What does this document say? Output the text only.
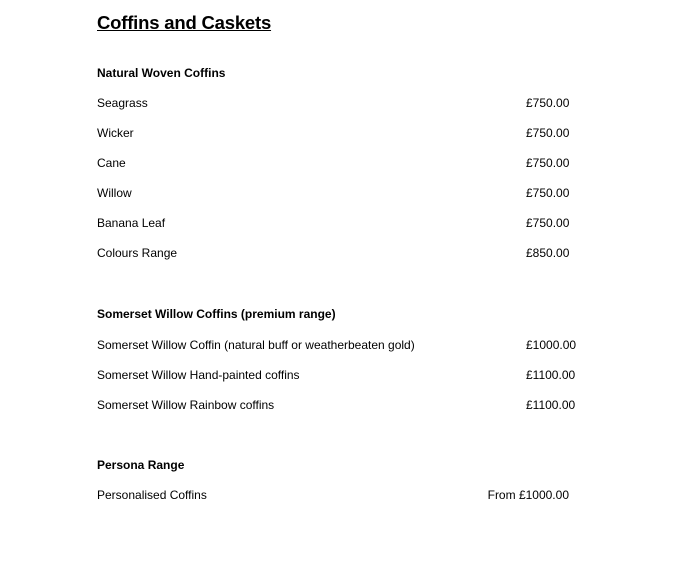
Coffins and Caskets
Natural Woven Coffins
Seagrass	£750.00
Wicker	£750.00
Cane	£750.00
Willow	£750.00
Banana Leaf	£750.00
Colours Range	£850.00
Somerset Willow Coffins (premium range)
Somerset Willow Coffin (natural buff or weatherbeaten gold)	£1000.00
Somerset Willow Hand-painted coffins	£1100.00
Somerset Willow Rainbow coffins	£1100.00
Persona Range
Personalised Coffins	From £1000.00
